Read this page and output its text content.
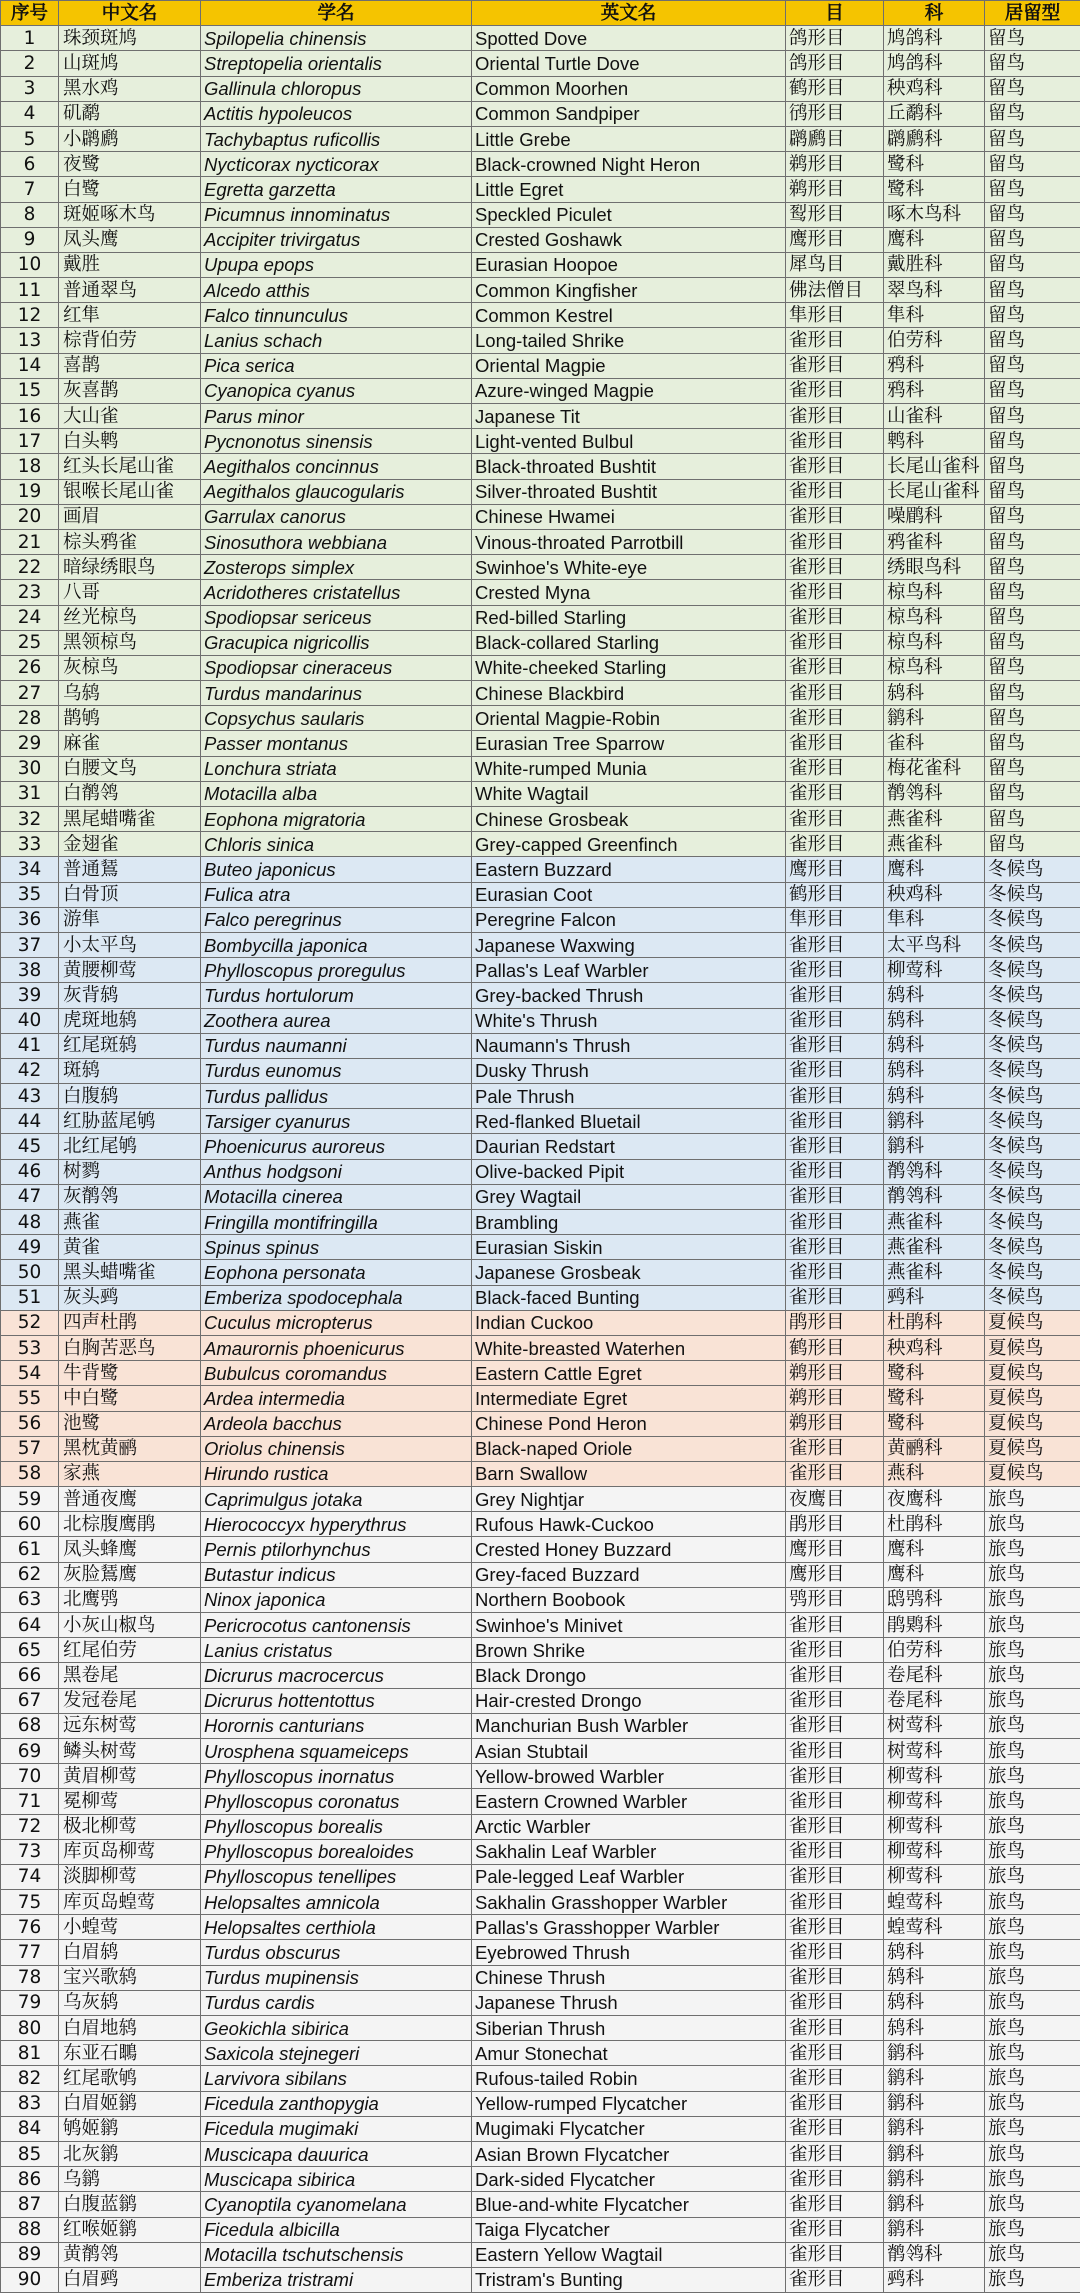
序号	中文名	学名	英文名	目	科	居留型
1	珠颈斑鸠	Spilopelia chinensis	Spotted Dove	鸽形目	鸠鸽科	留鸟
2	山斑鸠	Streptopelia orientalis	Oriental Turtle Dove	鸽形目	鸠鸽科	留鸟
3	黑水鸡	Gallinula chloropus	Common Moorhen	鹤形目	秧鸡科	留鸟
4	矶鹬	Actitis hypoleucos	Common Sandpiper	鸻形目	丘鹬科	留鸟
5	小䴙䴘	Tachybaptus ruficollis	Little Grebe	䴙䴘目	䴙䴘科	留鸟
6	夜鹭	Nycticorax nycticorax	Black-crowned Night Heron	鹈形目	鹭科	留鸟
7	白鹭	Egretta garzetta	Little Egret	鹈形目	鹭科	留鸟
8	斑姬啄木鸟	Picumnus innominatus	Speckled Piculet	䴕形目	啄木鸟科	留鸟
9	凤头鹰	Accipiter trivirgatus	Crested Goshawk	鹰形目	鹰科	留鸟
10	戴胜	Upupa epops	Eurasian Hoopoe	犀鸟目	戴胜科	留鸟
11	普通翠鸟	Alcedo atthis	Common Kingfisher	佛法僧目	翠鸟科	留鸟
12	红隼	Falco tinnunculus	Common Kestrel	隼形目	隼科	留鸟
13	棕背伯劳	Lanius schach	Long-tailed Shrike	雀形目	伯劳科	留鸟
14	喜鹊	Pica serica	Oriental Magpie	雀形目	鸦科	留鸟
15	灰喜鹊	Cyanopica cyanus	Azure-winged Magpie	雀形目	鸦科	留鸟
16	大山雀	Parus minor	Japanese Tit	雀形目	山雀科	留鸟
17	白头鹎	Pycnonotus sinensis	Light-vented Bulbul	雀形目	鹎科	留鸟
18	红头长尾山雀	Aegithalos concinnus	Black-throated Bushtit	雀形目	长尾山雀科	留鸟
19	银喉长尾山雀	Aegithalos glaucogularis	Silver-throated Bushtit	雀形目	长尾山雀科	留鸟
20	画眉	Garrulax canorus	Chinese Hwamei	雀形目	噪鹛科	留鸟
21	棕头鸦雀	Sinosuthora webbiana	Vinous-throated Parrotbill	雀形目	鸦雀科	留鸟
22	暗绿绣眼鸟	Zosterops simplex	Swinhoe's White-eye	雀形目	绣眼鸟科	留鸟
23	八哥	Acridotheres cristatellus	Crested Myna	雀形目	椋鸟科	留鸟
24	丝光椋鸟	Spodiopsar sericeus	Red-billed Starling	雀形目	椋鸟科	留鸟
25	黑领椋鸟	Gracupica nigricollis	Black-collared Starling	雀形目	椋鸟科	留鸟
26	灰椋鸟	Spodiopsar cineraceus	White-cheeked Starling	雀形目	椋鸟科	留鸟
27	乌鸫	Turdus mandarinus	Chinese Blackbird	雀形目	鸫科	留鸟
28	鹊鸲	Copsychus saularis	Oriental Magpie-Robin	雀形目	鹟科	留鸟
29	麻雀	Passer montanus	Eurasian Tree Sparrow	雀形目	雀科	留鸟
30	白腰文鸟	Lonchura striata	White-rumped Munia	雀形目	梅花雀科	留鸟
31	白鹡鸰	Motacilla alba	White Wagtail	雀形目	鹡鸰科	留鸟
32	黑尾蜡嘴雀	Eophona migratoria	Chinese Grosbeak	雀形目	燕雀科	留鸟
33	金翅雀	Chloris sinica	Grey-capped Greenfinch	雀形目	燕雀科	留鸟
34	普通鵟	Buteo japonicus	Eastern Buzzard	鹰形目	鹰科	冬候鸟
35	白骨顶	Fulica atra	Eurasian Coot	鹤形目	秧鸡科	冬候鸟
36	游隼	Falco peregrinus	Peregrine Falcon	隼形目	隼科	冬候鸟
37	小太平鸟	Bombycilla japonica	Japanese Waxwing	雀形目	太平鸟科	冬候鸟
38	黄腰柳莺	Phylloscopus proregulus	Pallas's Leaf Warbler	雀形目	柳莺科	冬候鸟
39	灰背鸫	Turdus hortulorum	Grey-backed Thrush	雀形目	鸫科	冬候鸟
40	虎斑地鸫	Zoothera aurea	White's Thrush	雀形目	鸫科	冬候鸟
41	红尾斑鸫	Turdus naumanni	Naumann's Thrush	雀形目	鸫科	冬候鸟
42	斑鸫	Turdus eunomus	Dusky Thrush	雀形目	鸫科	冬候鸟
43	白腹鸫	Turdus pallidus	Pale Thrush	雀形目	鸫科	冬候鸟
44	红胁蓝尾鸲	Tarsiger cyanurus	Red-flanked Bluetail	雀形目	鹟科	冬候鸟
45	北红尾鸲	Phoenicurus auroreus	Daurian Redstart	雀形目	鹟科	冬候鸟
46	树鹨	Anthus hodgsoni	Olive-backed Pipit	雀形目	鹡鸰科	冬候鸟
47	灰鹡鸰	Motacilla cinerea	Grey Wagtail	雀形目	鹡鸰科	冬候鸟
48	燕雀	Fringilla montifringilla	Brambling	雀形目	燕雀科	冬候鸟
49	黄雀	Spinus spinus	Eurasian Siskin	雀形目	燕雀科	冬候鸟
50	黑头蜡嘴雀	Eophona personata	Japanese Grosbeak	雀形目	燕雀科	冬候鸟
51	灰头鹀	Emberiza spodocephala	Black-faced Bunting	雀形目	鹀科	冬候鸟
52	四声杜鹃	Cuculus micropterus	Indian Cuckoo	鹃形目	杜鹃科	夏候鸟
53	白胸苦恶鸟	Amaurornis phoenicurus	White-breasted Waterhen	鹤形目	秧鸡科	夏候鸟
54	牛背鹭	Bubulcus coromandus	Eastern Cattle Egret	鹈形目	鹭科	夏候鸟
55	中白鹭	Ardea intermedia	Intermediate Egret	鹈形目	鹭科	夏候鸟
56	池鹭	Ardeola bacchus	Chinese Pond Heron	鹈形目	鹭科	夏候鸟
57	黑枕黄鹂	Oriolus chinensis	Black-naped Oriole	雀形目	黄鹂科	夏候鸟
58	家燕	Hirundo rustica	Barn Swallow	雀形目	燕科	夏候鸟
59	普通夜鹰	Caprimulgus jotaka	Grey Nightjar	夜鹰目	夜鹰科	旅鸟
60	北棕腹鹰鹃	Hierococcyx hyperythrus	Rufous Hawk-Cuckoo	鹃形目	杜鹃科	旅鸟
61	凤头蜂鹰	Pernis ptilorhynchus	Crested Honey Buzzard	鹰形目	鹰科	旅鸟
62	灰脸鵟鹰	Butastur indicus	Grey-faced Buzzard	鹰形目	鹰科	旅鸟
63	北鹰鸮	Ninox japonica	Northern Boobook	鸮形目	鸱鸮科	旅鸟
64	小灰山椒鸟	Pericrocotus cantonensis	Swinhoe's Minivet	雀形目	鹃䴗科	旅鸟
65	红尾伯劳	Lanius cristatus	Brown Shrike	雀形目	伯劳科	旅鸟
66	黑卷尾	Dicrurus macrocercus	Black Drongo	雀形目	卷尾科	旅鸟
67	发冠卷尾	Dicrurus hottentottus	Hair-crested Drongo	雀形目	卷尾科	旅鸟
68	远东树莺	Horornis canturians	Manchurian Bush Warbler	雀形目	树莺科	旅鸟
69	鳞头树莺	Urosphena squameiceps	Asian Stubtail	雀形目	树莺科	旅鸟
70	黄眉柳莺	Phylloscopus inornatus	Yellow-browed Warbler	雀形目	柳莺科	旅鸟
71	冕柳莺	Phylloscopus coronatus	Eastern Crowned Warbler	雀形目	柳莺科	旅鸟
72	极北柳莺	Phylloscopus borealis	Arctic Warbler	雀形目	柳莺科	旅鸟
73	库页岛柳莺	Phylloscopus borealoides	Sakhalin Leaf Warbler	雀形目	柳莺科	旅鸟
74	淡脚柳莺	Phylloscopus tenellipes	Pale-legged Leaf Warbler	雀形目	柳莺科	旅鸟
75	库页岛蝗莺	Helopsaltes amnicola	Sakhalin Grasshopper Warbler	雀形目	蝗莺科	旅鸟
76	小蝗莺	Helopsaltes certhiola	Pallas's Grasshopper Warbler	雀形目	蝗莺科	旅鸟
77	白眉鸫	Turdus obscurus	Eyebrowed Thrush	雀形目	鸫科	旅鸟
78	宝兴歌鸫	Turdus mupinensis	Chinese Thrush	雀形目	鸫科	旅鸟
79	乌灰鸫	Turdus cardis	Japanese Thrush	雀形目	鸫科	旅鸟
80	白眉地鸫	Geokichla sibirica	Siberian Thrush	雀形目	鸫科	旅鸟
81	东亚石䳭	Saxicola stejnegeri	Amur Stonechat	雀形目	鹟科	旅鸟
82	红尾歌鸲	Larvivora sibilans	Rufous-tailed Robin	雀形目	鹟科	旅鸟
83	白眉姬鹟	Ficedula zanthopygia	Yellow-rumped Flycatcher	雀形目	鹟科	旅鸟
84	鸲姬鹟	Ficedula mugimaki	Mugimaki Flycatcher	雀形目	鹟科	旅鸟
85	北灰鹟	Muscicapa dauurica	Asian Brown Flycatcher	雀形目	鹟科	旅鸟
86	乌鹟	Muscicapa sibirica	Dark-sided Flycatcher	雀形目	鹟科	旅鸟
87	白腹蓝鹟	Cyanoptila cyanomelana	Blue-and-white Flycatcher	雀形目	鹟科	旅鸟
88	红喉姬鹟	Ficedula albicilla	Taiga Flycatcher	雀形目	鹟科	旅鸟
89	黄鹡鸰	Motacilla tschutschensis	Eastern Yellow Wagtail	雀形目	鹡鸰科	旅鸟
90	白眉鹀	Emberiza tristrami	Tristram's Bunting	雀形目	鹀科	旅鸟
